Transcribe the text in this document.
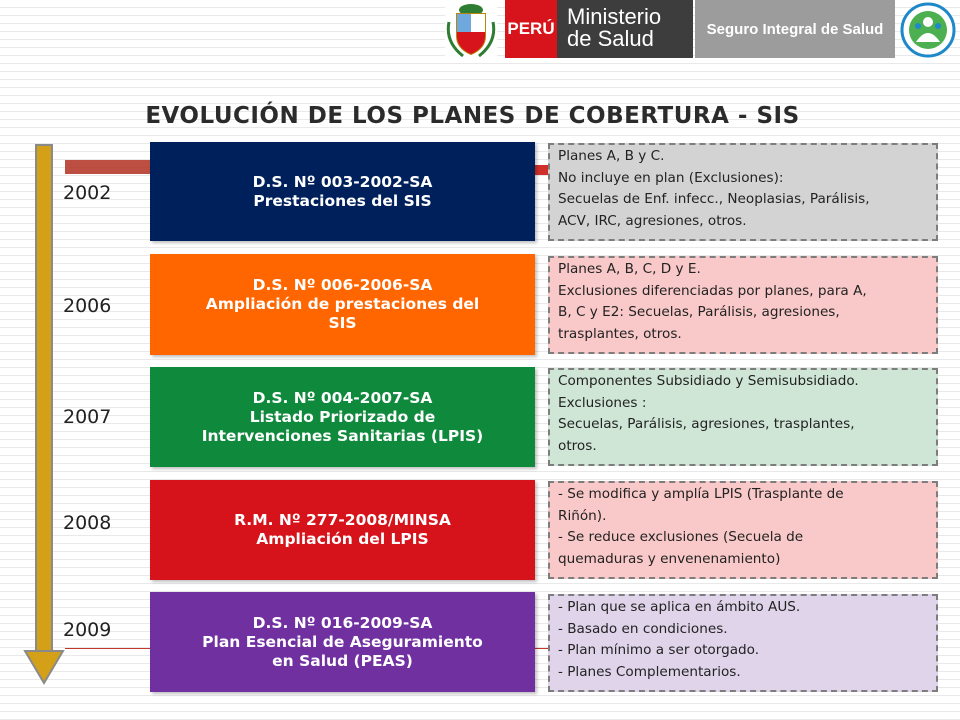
PERÚ Ministerio
de Salud	Seguro Integral de Salud
EVOLUCIÓN DE LOS PLANES DE COBERTURA - SIS
2002
2006
2007
2008
2009
D.S. Nº 003-2002-SA
Prestaciones del SIS
D.S. Nº 006-2006-SA
Ampliación de prestaciones del
SIS
D.S. Nº 004-2007-SA
Listado Priorizado de
Intervenciones Sanitarias (LPIS)
R.M. Nº 277-2008/MINSA
Ampliación del LPIS
D.S. Nº 016-2009-SA
Plan Esencial de Aseguramiento
en Salud (PEAS)
Planes A, B y C.
No incluye en plan (Exclusiones):
Secuelas de Enf. infecc., Neoplasias, Parálisis,
ACV, IRC, agresiones, otros.
Planes A, B, C, D y E.
Exclusiones diferenciadas por planes, para A,
B, C y E2: Secuelas, Parálisis, agresiones,
trasplantes, otros.
Componentes Subsidiado y Semisubsidiado.
Exclusiones :
Secuelas, Parálisis, agresiones, trasplantes,
otros.
- Se modifica y amplía LPIS (Trasplante de
Riñón).
- Se reduce exclusiones (Secuela de
quemaduras y envenenamiento)
- Plan que se aplica en ámbito AUS.
- Basado en condiciones.
- Plan mínimo a ser otorgado.
- Planes Complementarios.
